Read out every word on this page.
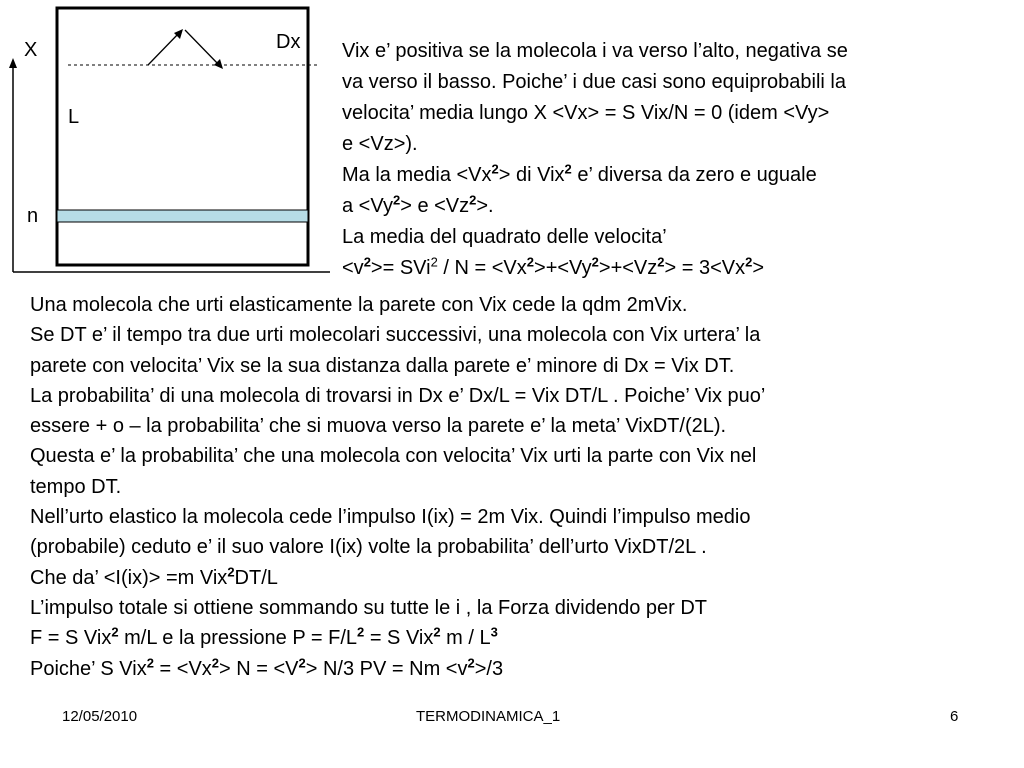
X	Dx
L
n
Vix e’ positiva se la molecola i va verso l’alto, negativa se
va verso il basso. Poiche’ i due casi sono equiprobabili la
velocita’ media lungo X <Vx> = S Vix/N = 0 (idem <Vy>
e <Vz>).
Ma la media $<Vx^2>$ di Vix$^2$ e’ diversa da zero e uguale
$a <Vy^2> e <Vz^2>$.
La media del quadrato delle velocita’
$<v^2>= SVi^2 / N = <Vx^2>+<Vy^2>+<Vz^2> = 3<Vx^2>$
Una molecola che urti elasticamente la parete con Vix cede la qdm 2mVix.
Se DT e’ il tempo tra due urti molecolari successivi, una molecola con Vix urtera’ la
parete con velocita’ Vix se la sua distanza dalla parete e’ minore di Dx = Vix DT.
La probabilita’ di una molecola di trovarsi in Dx e’ Dx/L = Vix DT/L . Poiche’ Vix puo’
essere + o – la probabilita’ che si muova verso la parete e’ la meta’ VixDT/(2L).
Questa e’ la probabilita’ che una molecola con velocita’ Vix urti la parte con Vix nel
tempo DT.
Nell’urto elastico la molecola cede l’impulso I(ix) = 2m Vix. Quindi l’impulso medio
(probabile) ceduto e’ il suo valore I(ix) volte la probabilita’ dell’urto VixDT/2L .
Che da’ <I(ix)> =m Vix$^2$DT/L
L’impulso totale si ottiene sommando su tutte le i , la Forza dividendo per DT
F = S Vix$^2$ m/L e la pressione $P = F/L^2 = S$ Vix$^2$ m / $L^3$
Poiche’ S $Vix^2 = <Vx^2> N = <V^2> N/3$ PV = $Nm <v^2>/3$
12/05/2010	TERMODINAMICA_1	6
